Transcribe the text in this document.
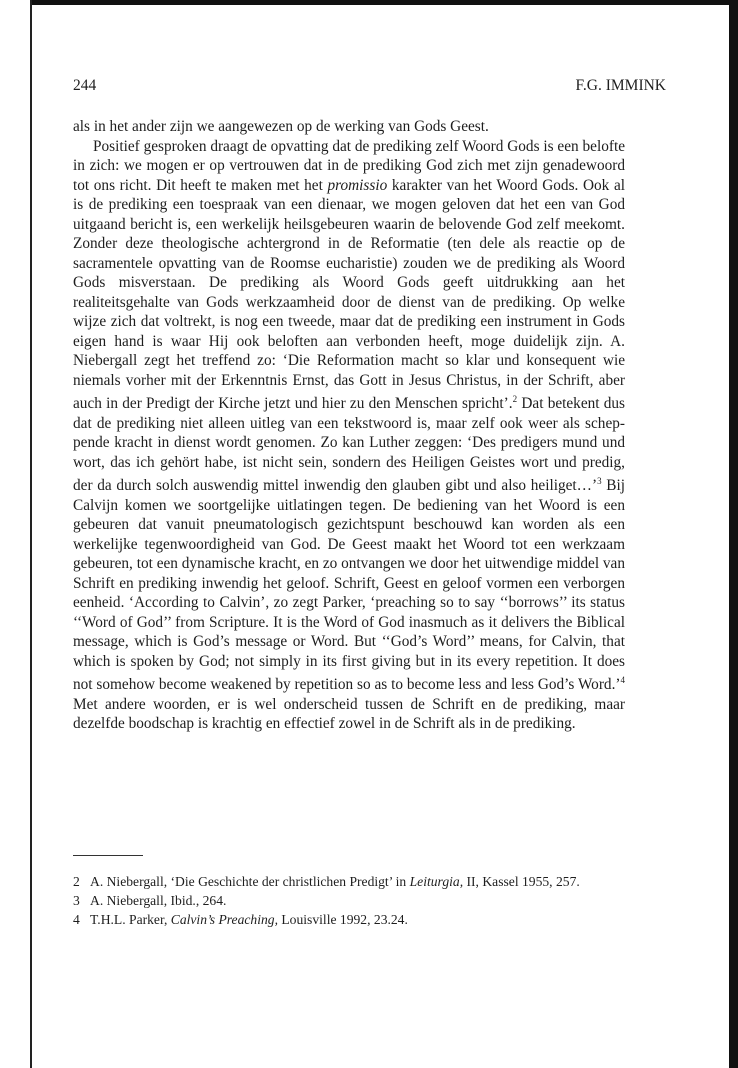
244	F.G. IMMINK

als in het ander zijn we aangewezen op de werking van Gods Geest.

Positief gesproken draagt de opvatting dat de prediking zelf Woord Gods is een belofte in zich: we mogen er op vertrouwen dat in de prediking God zich met zijn genadewoord tot ons richt. Dit heeft te maken met het promissio karakter van het Woord Gods. Ook al is de prediking een toespraak van een dienaar, we mogen geloven dat het een van God uitgaand bericht is, een werkelijk heilsgebeuren waarin de belovende God zelf meekomt. Zonder deze theologische achtergrond in de Reformatie (ten dele als reactie op de sacramentele opvatting van de Roomse eucharistie) zouden we de prediking als Woord Gods misverstaan. De prediking als Woord Gods geeft uitdrukking aan het realiteitsgehalte van Gods werkzaamheid door de dienst van de prediking. Op welke wijze zich dat voltrekt, is nog een tweede, maar dat de prediking een instrument in Gods eigen hand is waar Hij ook beloften aan verbonden heeft, moge duidelijk zijn. A. Niebergall zegt het treffend zo: ‘Die Reformation macht so klar und konsequent wie niemals vorher mit der Erkenntnis Ernst, das Gott in Jesus Christus, in der Schrift, aber auch in der Predigt der Kirche jetzt und hier zu den Menschen spricht’.$^2$ Dat betekent dus dat de prediking niet alleen uitleg van een tekstwoord is, maar zelf ook weer als scheppende kracht in dienst wordt genomen. Zo kan Luther zeggen: ‘Des predigers mund und wort, das ich gehört habe, ist nicht sein, sondern des Heiligen Geistes wort und predig, der da durch solch auswendig mittel inwendig den glauben gibt und also heiliget…’$^3$ Bij Calvijn komen we soortgelijke uitlatingen tegen. De bediening van het Woord is een gebeuren dat vanuit pneumatologisch gezichtspunt beschouwd kan worden als een werkelijke tegenwoordigheid van God. De Geest maakt het Woord tot een werkzaam gebeuren, tot een dynamische kracht, en zo ontvangen we door het uitwendige middel van Schrift en prediking inwendig het geloof. Schrift, Geest en geloof vormen een verborgen eenheid. ‘According to Calvin’, zo zegt Parker, ‘preaching so to say ‘‘borrows’’ its status ‘‘Word of God’’ from Scripture. It is the Word of God inasmuch as it delivers the Biblical message, which is God’s message or Word. But ‘‘God’s Word’’ means, for Calvin, that which is spoken by God; not simply in its first giving but in its every repetition. It does not somehow become weakened by repetition so as to become less and less God’s Word.’$^4$ Met andere woorden, er is wel onderscheid tussen de Schrift en de prediking, maar dezelfde boodschap is krachtig en effectief zowel in de Schrift als in de prediking.

2 A. Niebergall, ‘Die Geschichte der christlichen Predigt’ in Leiturgia, II, Kassel 1955, 257.
3 A. Niebergall, Ibid., 264.
4 T.H.L. Parker, Calvin’s Preaching, Louisville 1992, 23.24.
